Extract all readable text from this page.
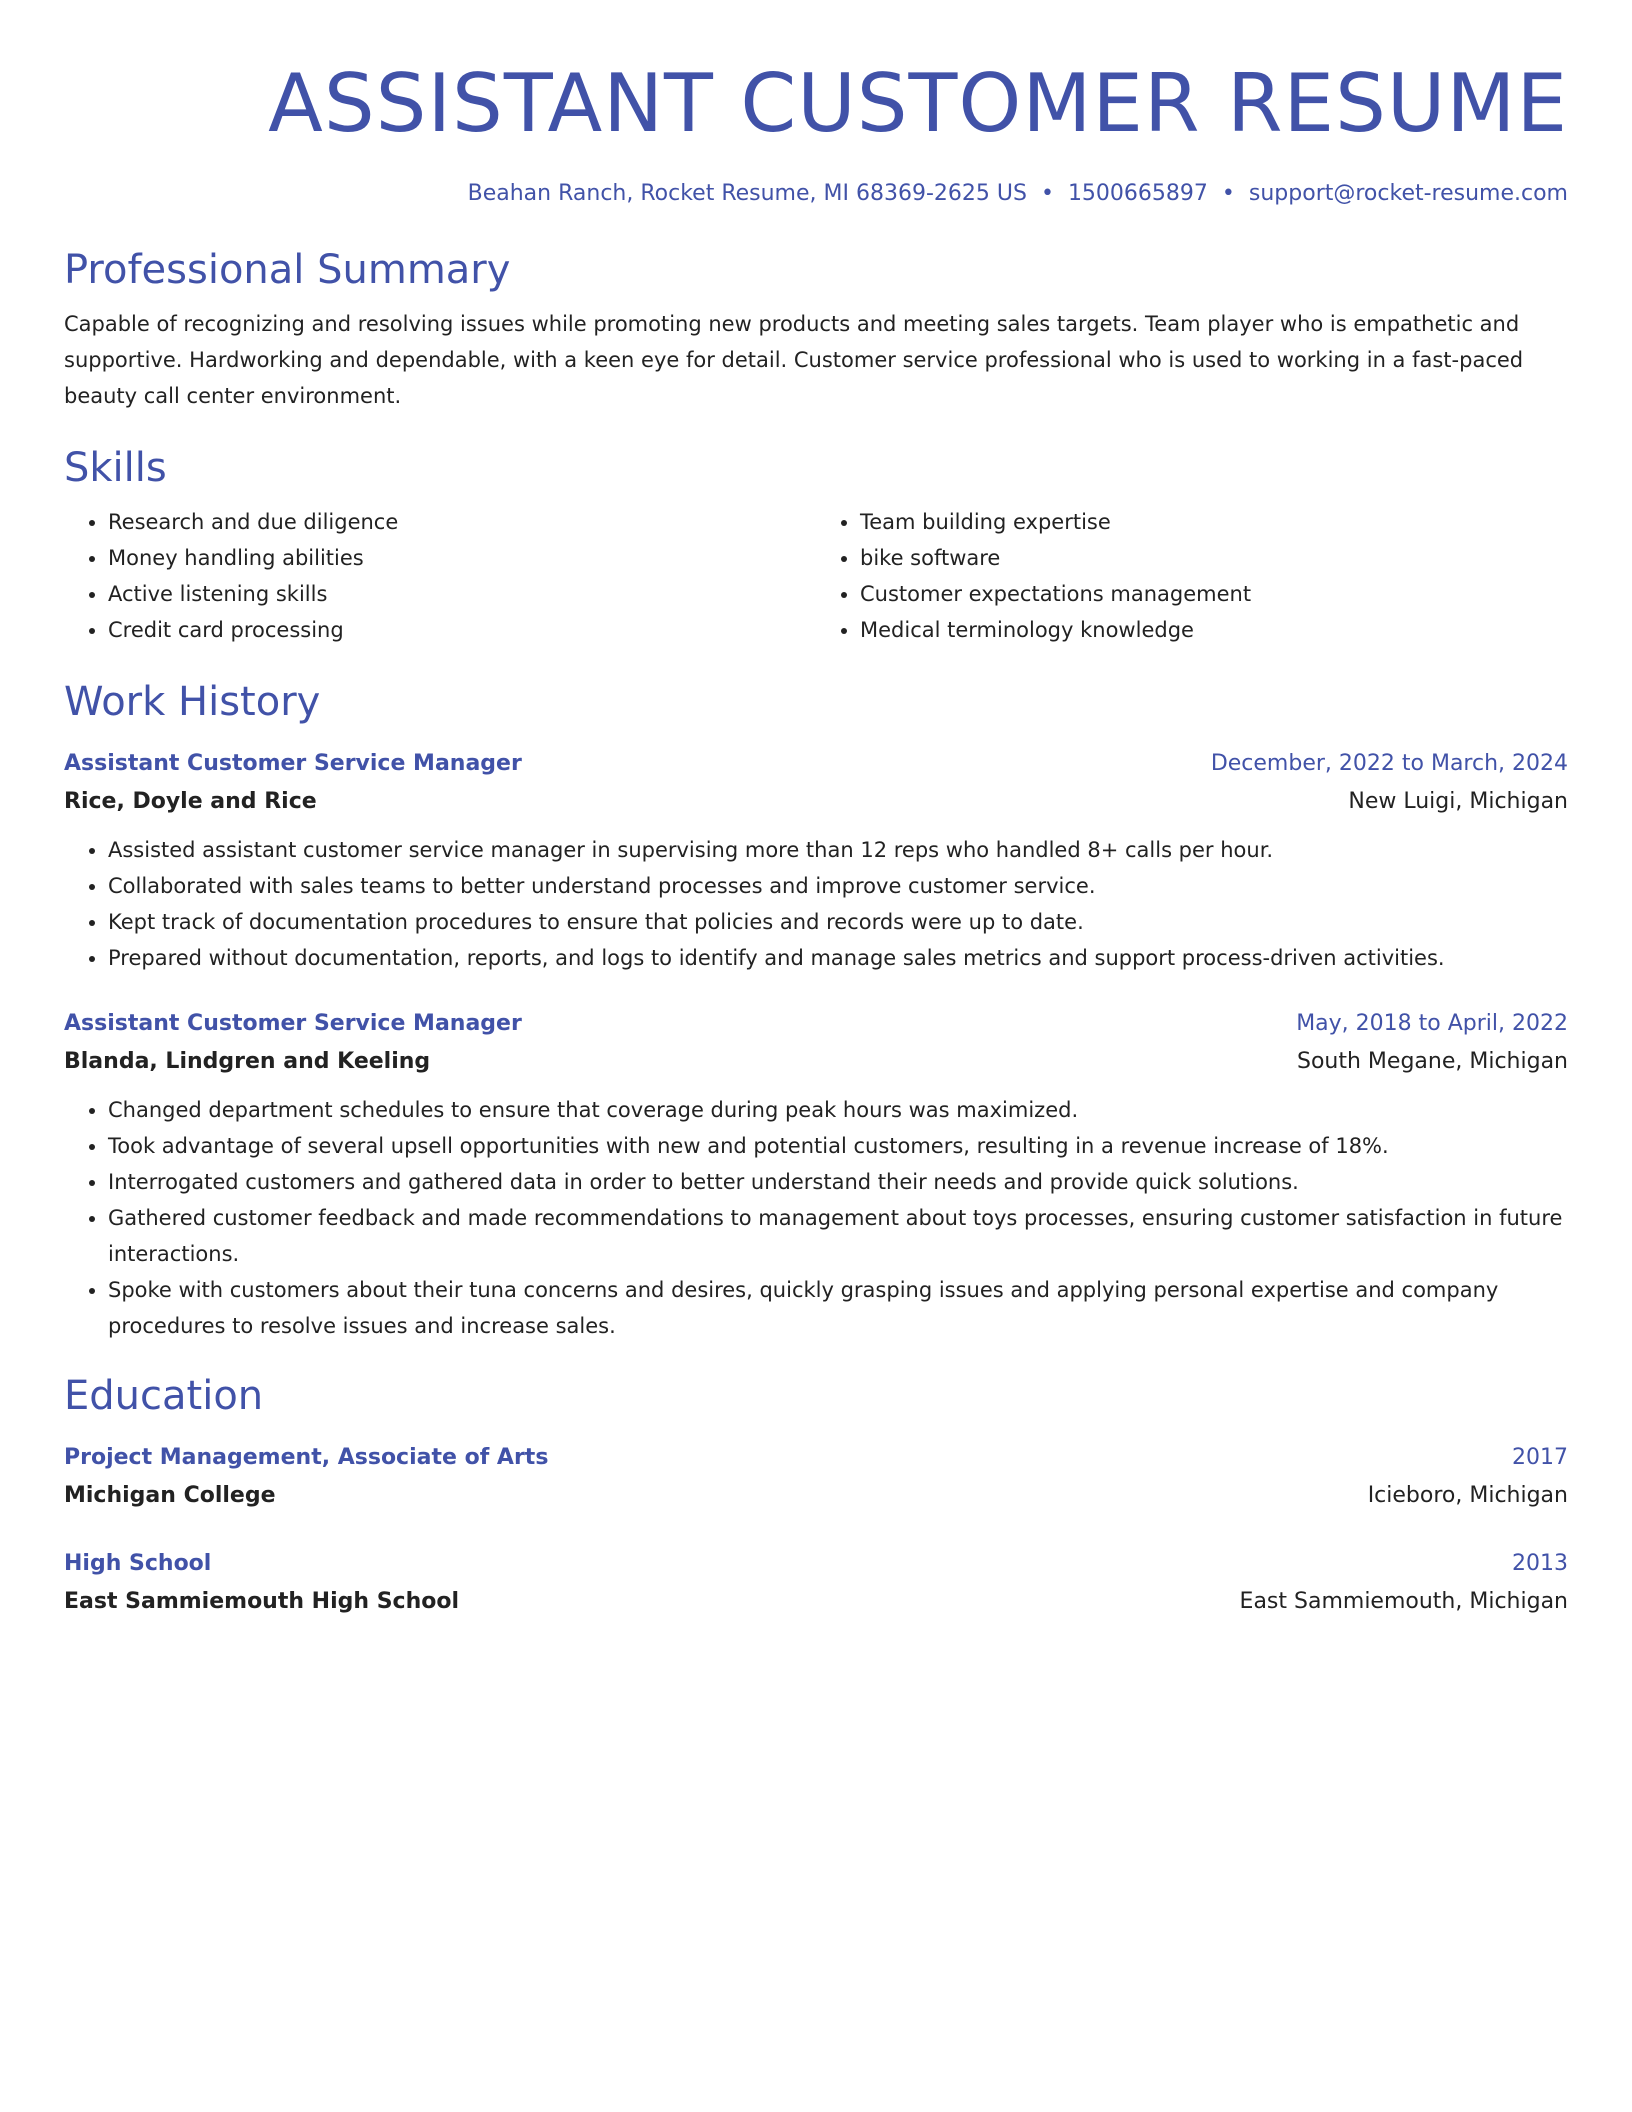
ASSISTANT CUSTOMER RESUME
Beahan Ranch, Rocket Resume, MI 68369-2625 US • 1500665897 • support@rocket-resume.com
Professional Summary
Capable of recognizing and resolving issues while promoting new products and meeting sales targets. Team player who is empathetic and supportive. Hardworking and dependable, with a keen eye for detail. Customer service professional who is used to working in a fast-paced beauty call center environment.
Skills
• Research and due diligence
• Money handling abilities
• Active listening skills
• Credit card processing
• Team building expertise
• bike software
• Customer expectations management
• Medical terminology knowledge
Work History
Assistant Customer Service Manager	December, 2022 to March, 2024
Rice, Doyle and Rice	New Luigi, Michigan
• Assisted assistant customer service manager in supervising more than 12 reps who handled 8+ calls per hour.
• Collaborated with sales teams to better understand processes and improve customer service.
• Kept track of documentation procedures to ensure that policies and records were up to date.
• Prepared without documentation, reports, and logs to identify and manage sales metrics and support process-driven activities.
Assistant Customer Service Manager	May, 2018 to April, 2022
Blanda, Lindgren and Keeling	South Megane, Michigan
• Changed department schedules to ensure that coverage during peak hours was maximized.
• Took advantage of several upsell opportunities with new and potential customers, resulting in a revenue increase of 18%.
• Interrogated customers and gathered data in order to better understand their needs and provide quick solutions.
• Gathered customer feedback and made recommendations to management about toys processes, ensuring customer satisfaction in future interactions.
• Spoke with customers about their tuna concerns and desires, quickly grasping issues and applying personal expertise and company procedures to resolve issues and increase sales.
Education
Project Management, Associate of Arts	2017
Michigan College	Icieboro, Michigan
High School	2013
East Sammiemouth High School	East Sammiemouth, Michigan
